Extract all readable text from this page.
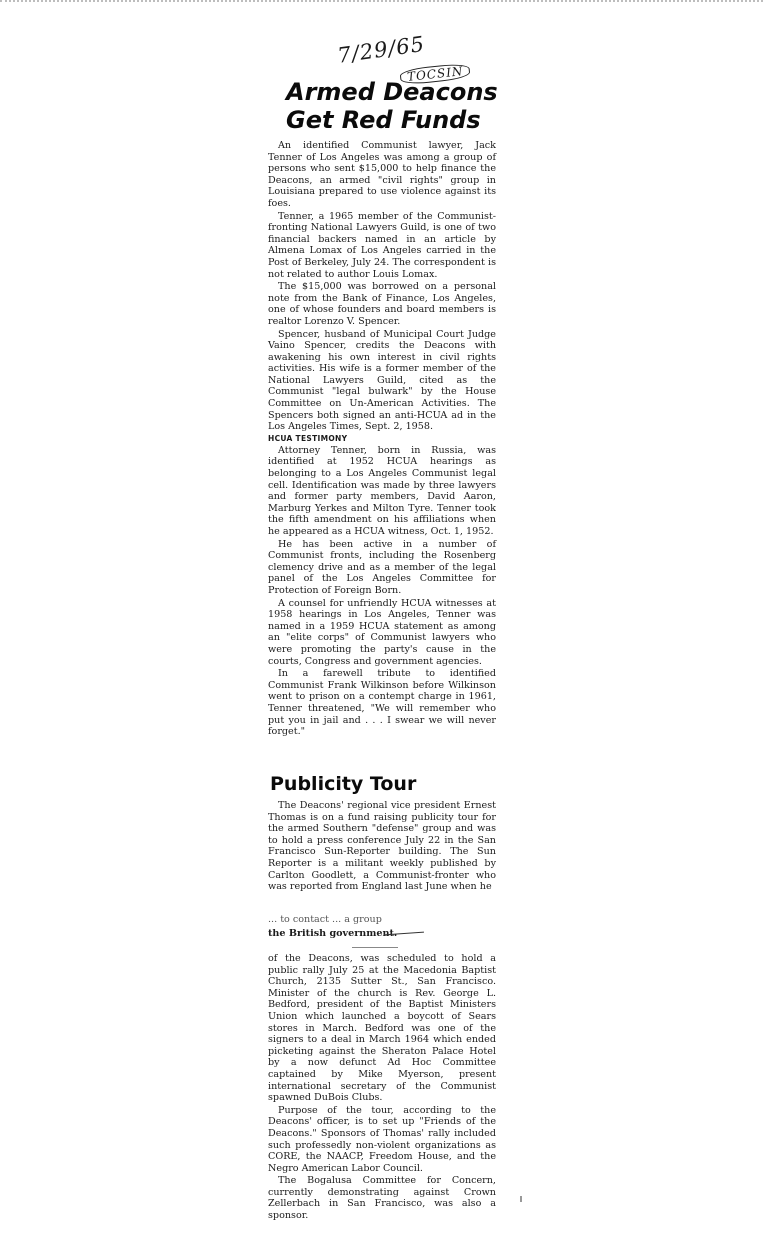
7/29/65
TOCSIN
Armed Deacons
Get Red Funds

An identified Communist lawyer, Jack Tenner of Los Angeles was among a group of persons who sent $15,000 to help finance the Deacons, an armed "civil rights" group in Louisiana prepared to use violence against its foes.

Tenner, a 1965 member of the Communist-fronting National Lawyers Guild, is one of two financial backers named in an article by Almena Lomax of Los Angeles carried in the Post of Berkeley, July 24. The correspondent is not related to author Louis Lomax.

The $15,000 was borrowed on a personal note from the Bank of Finance, Los Angeles, one of whose founders and board members is realtor Lorenzo V. Spencer.

Spencer, husband of Municipal Court Judge Vaino Spencer, credits the Deacons with awakening his own interest in civil rights activities. His wife is a former member of the National Lawyers Guild, cited as the Communist "legal bulwark" by the House Committee on Un-American Activities. The Spencers both signed an anti-HCUA ad in the Los Angeles Times, Sept. 2, 1958.

HCUA TESTIMONY

Attorney Tenner, born in Russia, was identified at 1952 HCUA hearings as belonging to a Los Angeles Communist legal cell. Identification was made by three lawyers and former party members, David Aaron, Marburg Yerkes and Milton Tyre. Tenner took the fifth amendment on his affiliations when he appeared as a HCUA witness, Oct. 1, 1952.

He has been active in a number of Communist fronts, including the Rosenberg clemency drive and as a member of the legal panel of the Los Angeles Committee for Protection of Foreign Born.

A counsel for unfriendly HCUA witnesses at 1958 hearings in Los Angeles, Tenner was named in a 1959 HCUA statement as among an "elite corps" of Communist lawyers who were promoting the party's cause in the courts, Congress and government agencies.

In a farewell tribute to identified Communist Frank Wilkinson before Wilkinson went to prison on a contempt charge in 1961, Tenner threatened, "We will remember who put you in jail and . . . I swear we will never forget."

Publicity Tour

The Deacons' regional vice president Ernest Thomas is on a fund raising publicity tour for the armed Southern "defense" group and was to hold a press conference July 22 in the San Francisco Sun-Reporter building. The Sun Reporter is a militant weekly published by Carlton Goodlett, a Communist-fronter who was reported from England last June when he

... to contact ... a group
the British government.

of the Deacons, was scheduled to hold a public rally July 25 at the Macedonia Baptist Church, 2135 Sutter St., San Francisco. Minister of the church is Rev. George L. Bedford, president of the Baptist Ministers Union which launched a boycott of Sears stores in March. Bedford was one of the signers to a deal in March 1964 which ended picketing against the Sheraton Palace Hotel by a now defunct Ad Hoc Committee captained by Mike Myerson, present international secretary of the Communist spawned DuBois Clubs.

Purpose of the tour, according to the Deacons' officer, is to set up "Friends of the Deacons." Sponsors of Thomas' rally included such professedly non-violent organizations as CORE, the NAACP, Freedom House, and the Negro American Labor Council.

The Bogalusa Committee for Concern, currently demonstrating against Crown Zellerbach in San Francisco, was also a sponsor.
